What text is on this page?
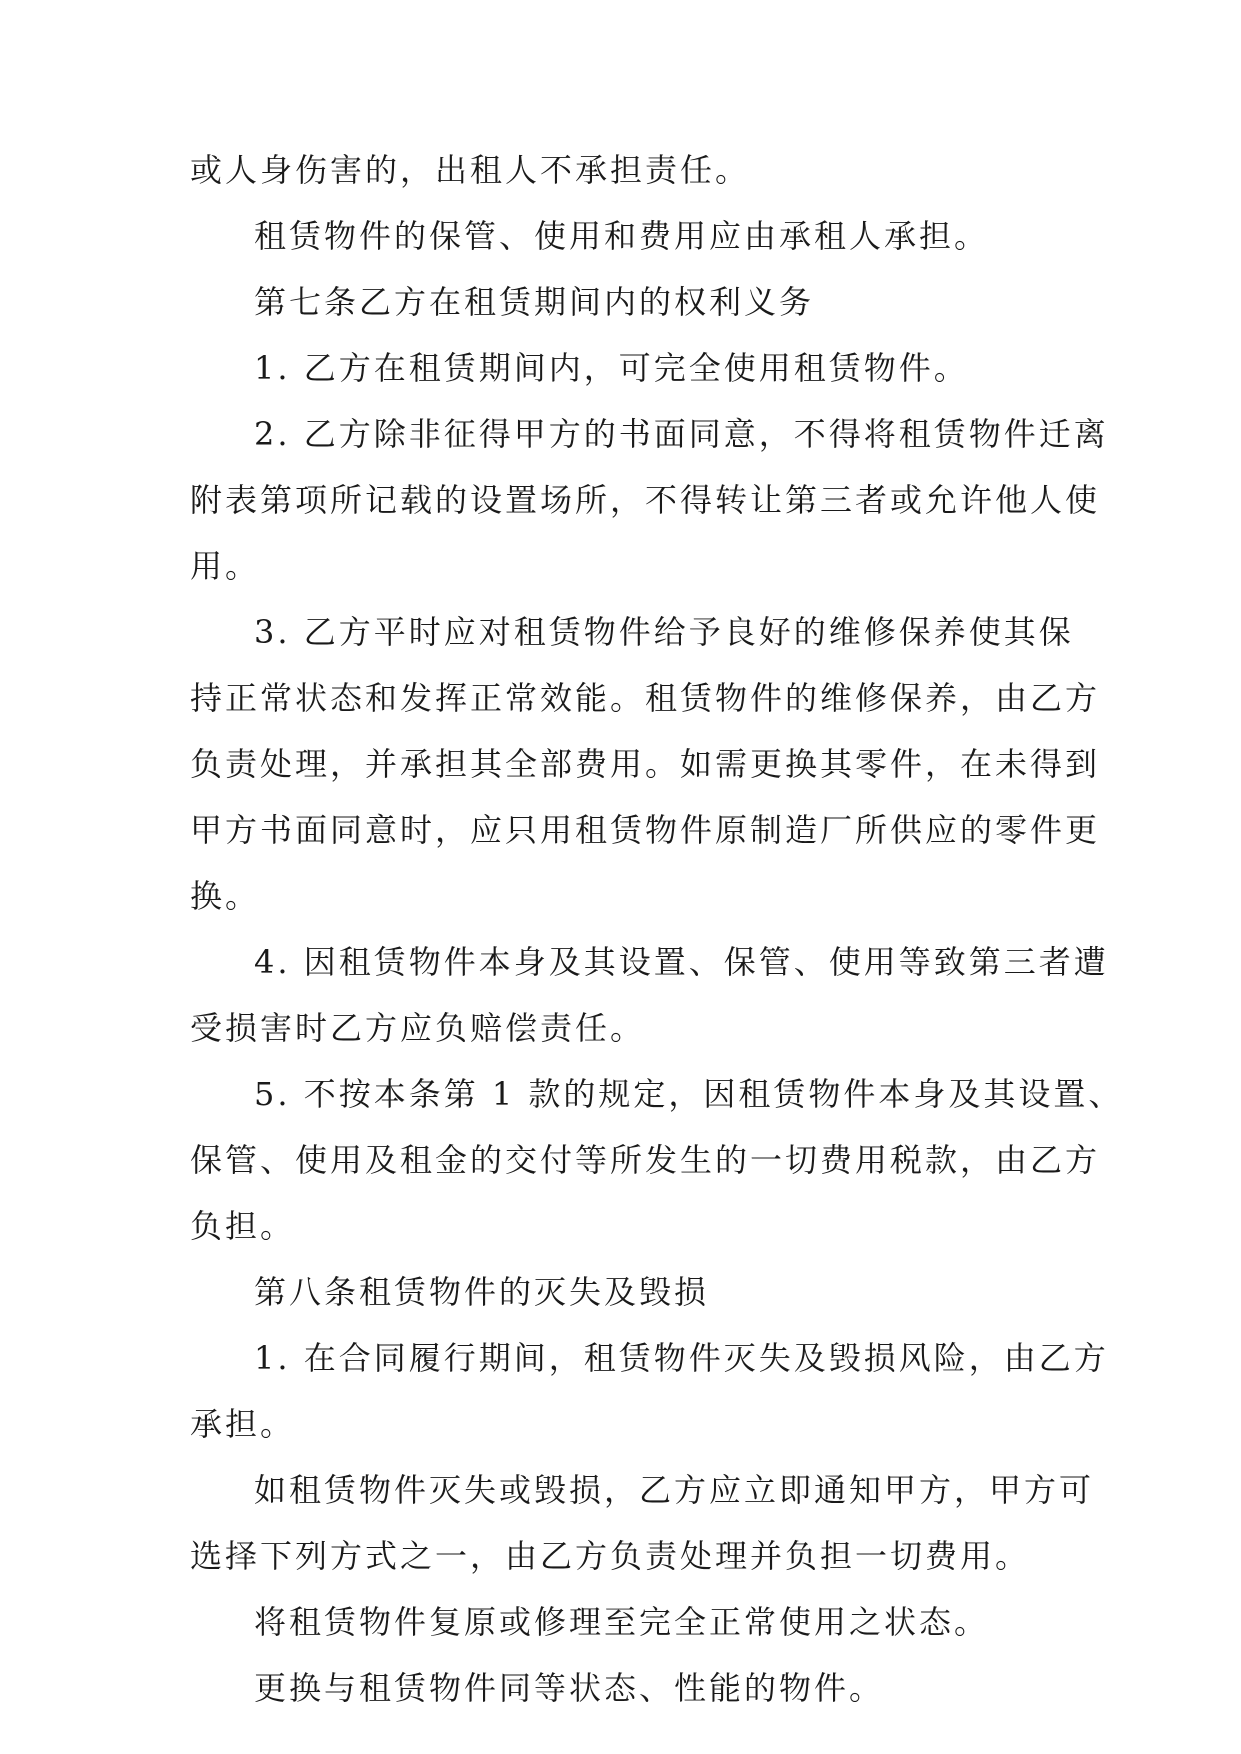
或人身伤害的，出租人不承担责任。
租赁物件的保管、使用和费用应由承租人承担。
第七条乙方在租赁期间内的权利义务
1. 乙方在租赁期间内，可完全使用租赁物件。
2. 乙方除非征得甲方的书面同意，不得将租赁物件迁离
附表第项所记载的设置场所，不得转让第三者或允许他人使
用。
3. 乙方平时应对租赁物件给予良好的维修保养使其保
持正常状态和发挥正常效能。租赁物件的维修保养，由乙方
负责处理，并承担其全部费用。如需更换其零件，在未得到
甲方书面同意时，应只用租赁物件原制造厂所供应的零件更
换。
4. 因租赁物件本身及其设置、保管、使用等致第三者遭
受损害时乙方应负赔偿责任。
5. 不按本条第 1 款的规定，因租赁物件本身及其设置、
保管、使用及租金的交付等所发生的一切费用税款，由乙方
负担。
第八条租赁物件的灭失及毁损
1. 在合同履行期间，租赁物件灭失及毁损风险，由乙方
承担。
如租赁物件灭失或毁损，乙方应立即通知甲方，甲方可
选择下列方式之一，由乙方负责处理并负担一切费用。
将租赁物件复原或修理至完全正常使用之状态。
更换与租赁物件同等状态、性能的物件。
